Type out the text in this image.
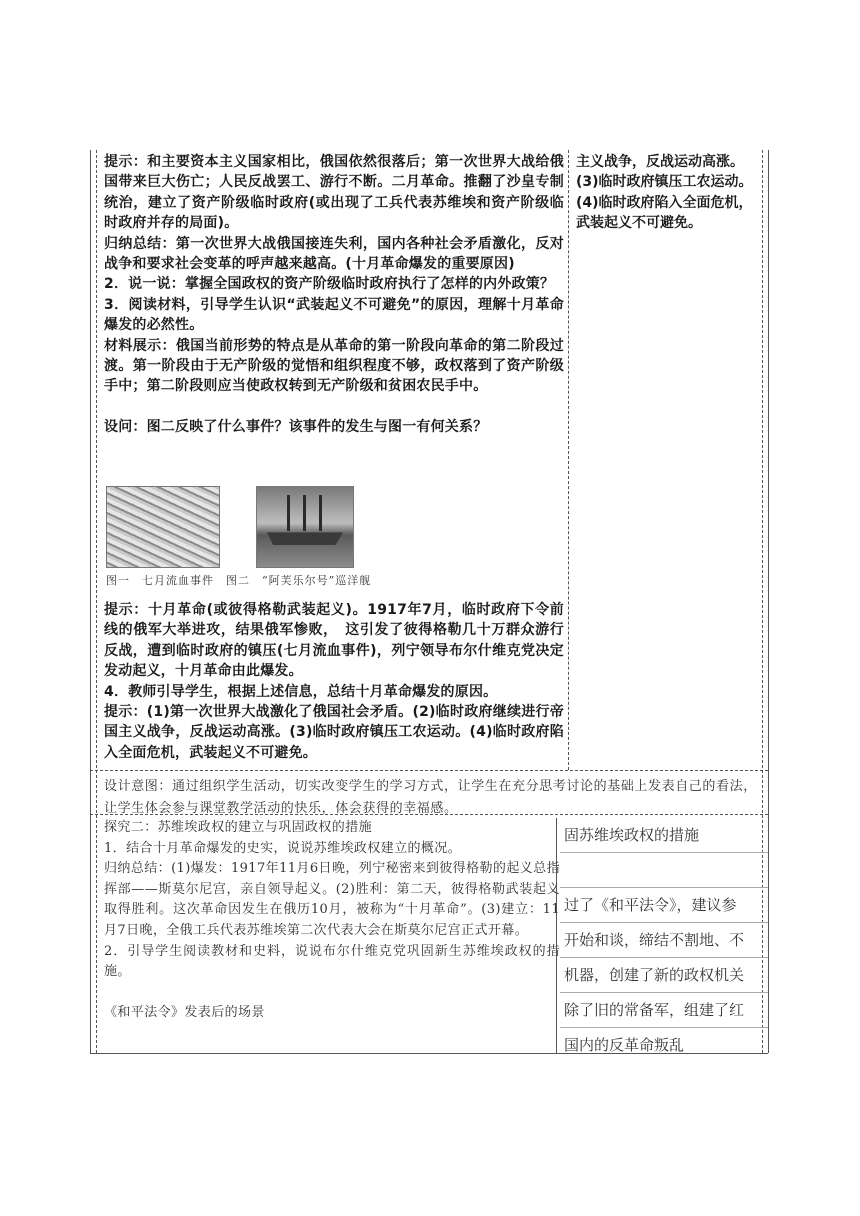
提示：和主要资本主义国家相比，俄国依然很落后；第一次世界大战给俄国带来巨大伤亡；人民反战罢工、游行不断。二月革命。推翻了沙皇专制统治，建立了资产阶级临时政府(或出现了工兵代表苏维埃和资产阶级临时政府并存的局面)。

归纳总结：第一次世界大战俄国接连失利，国内各种社会矛盾激化，反对战争和要求社会变革的呼声越来越高。(十月革命爆发的重要原因)

2．说一说：掌握全国政权的资产阶级临时政府执行了怎样的内外政策？

3．阅读材料，引导学生认识“武装起义不可避免”的原因，理解十月革命爆发的必然性。

材料展示：俄国当前形势的特点是从革命的第一阶段向革命的第二阶段过渡。第一阶段由于无产阶级的觉悟和组织程度不够，政权落到了资产阶级手中；第二阶段则应当使政权转到无产阶级和贫困农民手中。

设问：图二反映了什么事件？该事件的发生与图一有何关系？

图一　七月流血事件　图二　“阿芙乐尔号”巡洋舰

提示：十月革命(或彼得格勒武装起义)。1917年7月，临时政府下令前线的俄军大举进攻，结果俄军惨败，　这引发了彼得格勒几十万群众游行反战，遭到临时政府的镇压(七月流血事件)，列宁领导布尔什维克党决定发动起义，十月革命由此爆发。

4．教师引导学生，根据上述信息，总结十月革命爆发的原因。

提示：(1)第一次世界大战激化了俄国社会矛盾。(2)临时政府继续进行帝国主义战争，反战运动高涨。(3)临时政府镇压工农运动。(4)临时政府陷入全面危机，武装起义不可避免。

主义战争，反战运动高涨。

(3)临时政府镇压工农运动。

(4)临时政府陷入全面危机，武装起义不可避免。

设计意图：通过组织学生活动，切实改变学生的学习方式，让学生在充分思考讨论的基础上发表自己的看法，让学生体会参与课堂教学活动的快乐，体会获得的幸福感。

探究二：苏维埃政权的建立与巩固政权的措施

1．结合十月革命爆发的史实，说说苏维埃政权建立的概况。

归纳总结：(1)爆发：1917年11月6日晚，列宁秘密来到彼得格勒的起义总指挥部——斯莫尔尼宫，亲自领导起义。(2)胜利：第二天，彼得格勒武装起义取得胜利。这次革命因发生在俄历10月，被称为“十月革命”。(3)建立：11月7日晚，全俄工兵代表苏维埃第二次代表大会在斯莫尔尼宫正式开幕。

2．引导学生阅读教材和史料，说说布尔什维克党巩固新生苏维埃政权的措施。

《和平法令》发表后的场景

固苏维埃政权的措施
过了《和平法令》，建议参
开始和谈，缔结不割地、不
机器，创建了新的政权机关
除了旧的常备军，组建了红
国内的反革命叛乱
